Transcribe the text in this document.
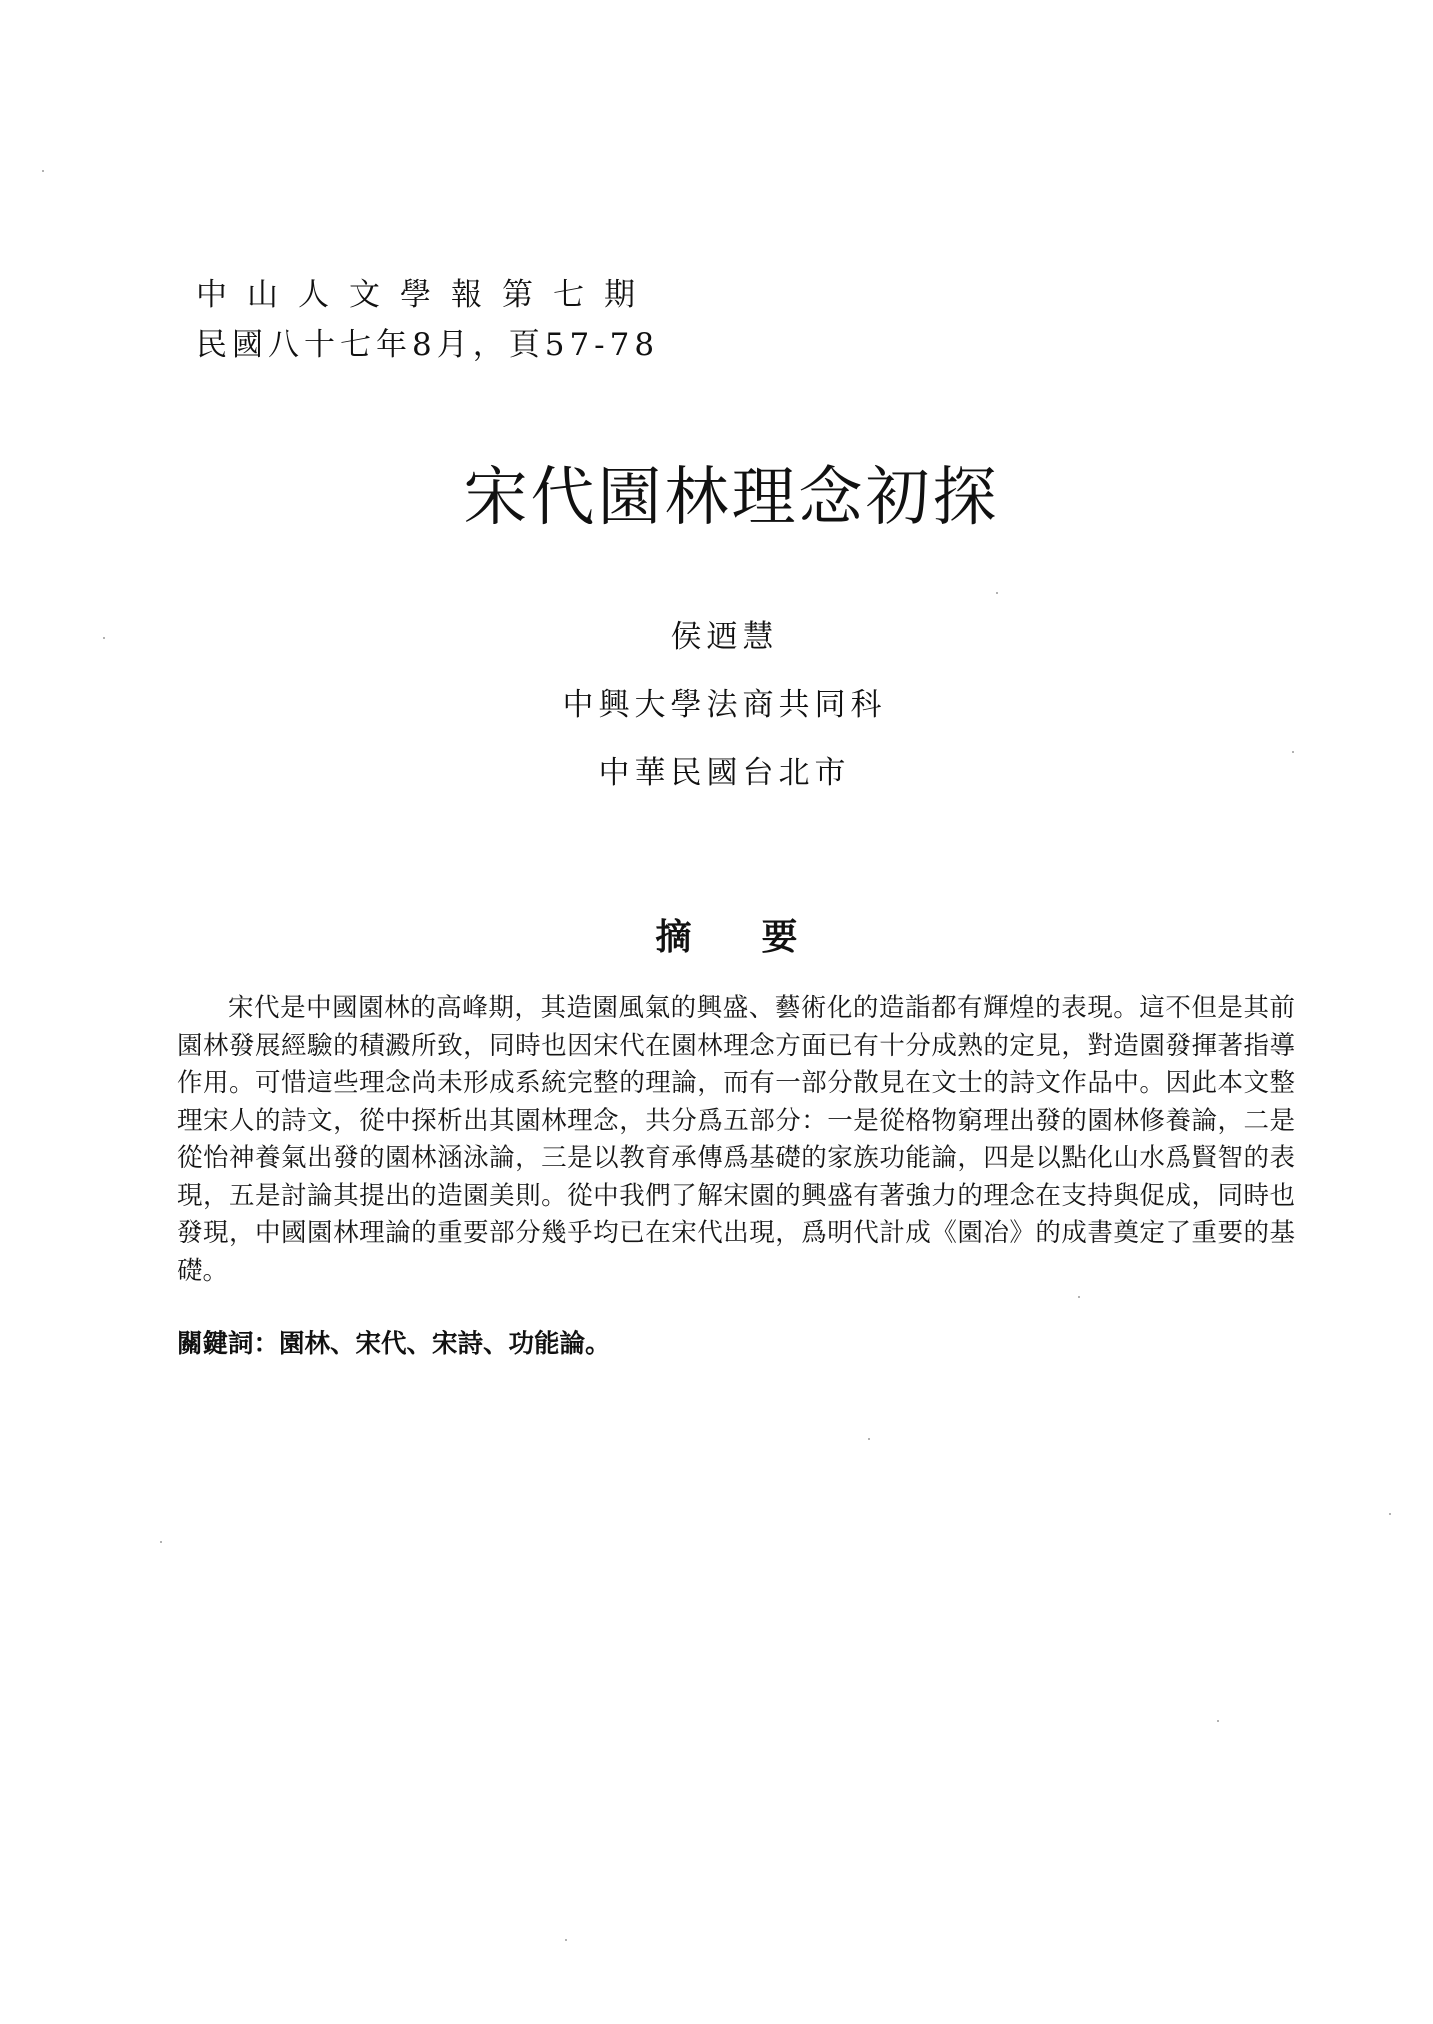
中山人文學報第七期
民國八十七年8月，頁57-78
宋代園林理念初探
侯迺慧
中興大學法商共同科
中華民國台北市
摘要

宋代是中國園林的高峰期，其造園風氣的興盛、藝術化的造詣都有輝煌的表現。這不但是其前園林發展經驗的積澱所致，同時也因宋代在園林理念方面已有十分成熟的定見，對造園發揮著指導作用。可惜這些理念尚未形成系統完整的理論，而有一部分散見在文士的詩文作品中。因此本文整理宋人的詩文，從中探析出其園林理念，共分爲五部分：一是從格物窮理出發的園林修養論，二是從怡神養氣出發的園林涵泳論，三是以教育承傳爲基礎的家族功能論，四是以點化山水爲賢智的表現，五是討論其提出的造園美則。從中我們了解宋園的興盛有著強力的理念在支持與促成，同時也發現，中國園林理論的重要部分幾乎均已在宋代出現，爲明代計成《園冶》的成書奠定了重要的基礎。

關鍵詞：園林、宋代、宋詩、功能論。
